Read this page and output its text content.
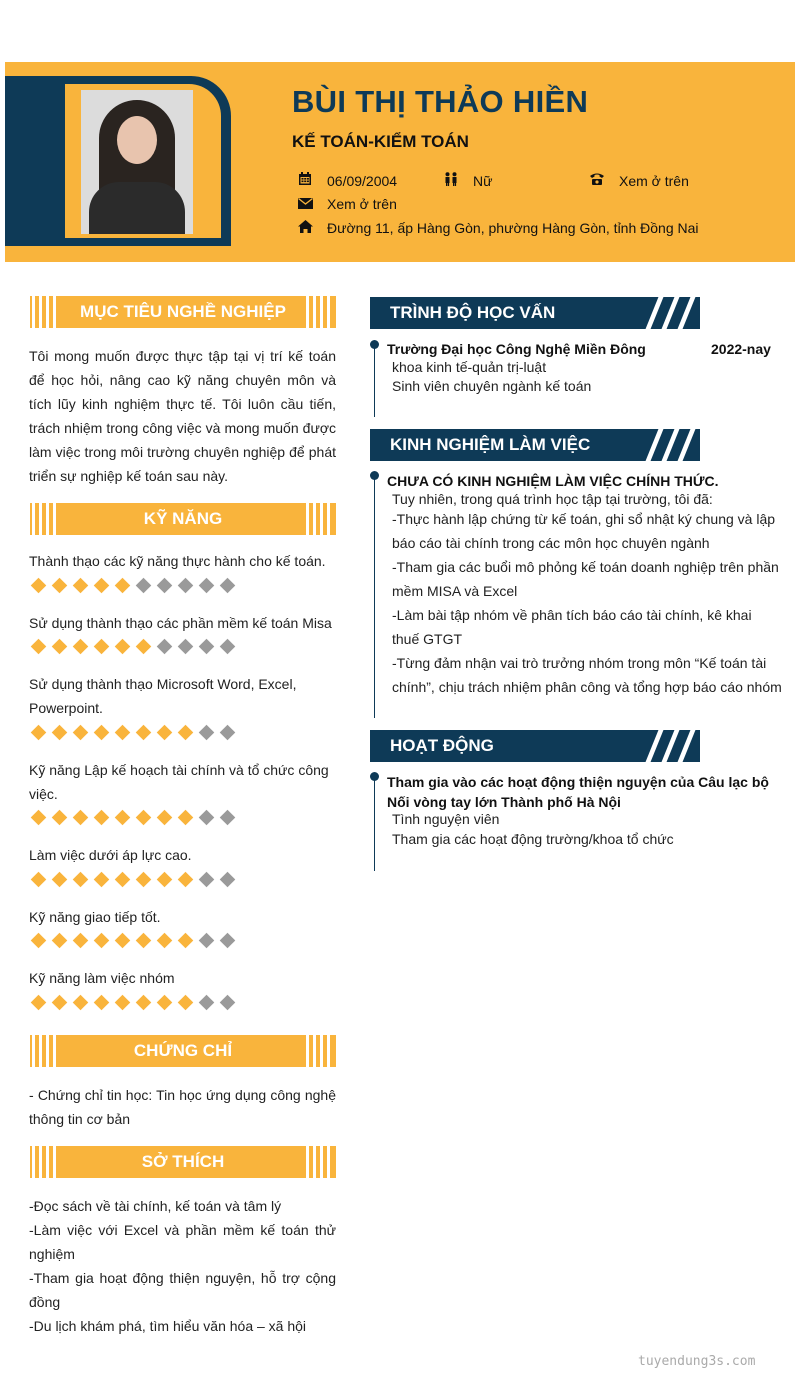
BÙI THỊ THẢO HIỀN
KẾ TOÁN-KIỂM TOÁN
06/09/2004	Nữ	Xem ở trên
Xem ở trên
Đường 11, ấp Hàng Gòn, phường Hàng Gòn, tỉnh Đồng Nai
MỤC TIÊU NGHỀ NGHIỆP
Tôi mong muốn được thực tập tại vị trí kế toán để học hỏi, nâng cao kỹ năng chuyên môn và tích lũy kinh nghiệm thực tế. Tôi luôn cầu tiến, trách nhiệm trong công việc và mong muốn được làm việc trong môi trường chuyên nghiệp để phát triển sự nghiệp kế toán sau này.
KỸ NĂNG
Thành thạo các kỹ năng thực hành cho kế toán.
Sử dụng thành thạo các phần mềm kế toán Misa
Sử dụng thành thạo Microsoft Word, Excel, Powerpoint.
Kỹ năng Lập kế hoạch tài chính và tổ chức công việc.
Làm việc dưới áp lực cao.
Kỹ năng giao tiếp tốt.
Kỹ năng làm việc nhóm
CHỨNG CHỈ
- Chứng chỉ tin học: Tin học ứng dụng công nghệ thông tin cơ bản
SỞ THÍCH
-Đọc sách về tài chính, kế toán và tâm lý
-Làm việc với Excel và phần mềm kế toán thử nghiệm
-Tham gia hoạt động thiện nguyện, hỗ trợ cộng đồng
-Du lịch khám phá, tìm hiểu văn hóa – xã hội
TRÌNH ĐỘ HỌC VẤN
Trường Đại học Công Nghệ Miền Đông	2022-nay
khoa kinh tế-quản trị-luật
Sinh viên chuyên ngành kế toán
KINH NGHIỆM LÀM VIỆC
CHƯA CÓ KINH NGHIỆM LÀM VIỆC CHÍNH THỨC.
Tuy nhiên, trong quá trình học tập tại trường, tôi đã:
-Thực hành lập chứng từ kế toán, ghi sổ nhật ký chung và lập báo cáo tài chính trong các môn học chuyên ngành
-Tham gia các buổi mô phỏng kế toán doanh nghiệp trên phần mềm MISA và Excel
-Làm bài tập nhóm về phân tích báo cáo tài chính, kê khai thuế GTGT
-Từng đảm nhận vai trò trưởng nhóm trong môn “Kế toán tài chính”, chịu trách nhiệm phân công và tổng hợp báo cáo nhóm
HOẠT ĐỘNG
Tham gia vào các hoạt động thiện nguyện của Câu lạc bộ Nối vòng tay lớn Thành phố Hà Nội
Tình nguyện viên
Tham gia các hoạt động trường/khoa tổ chức
tuyendung3s.com
